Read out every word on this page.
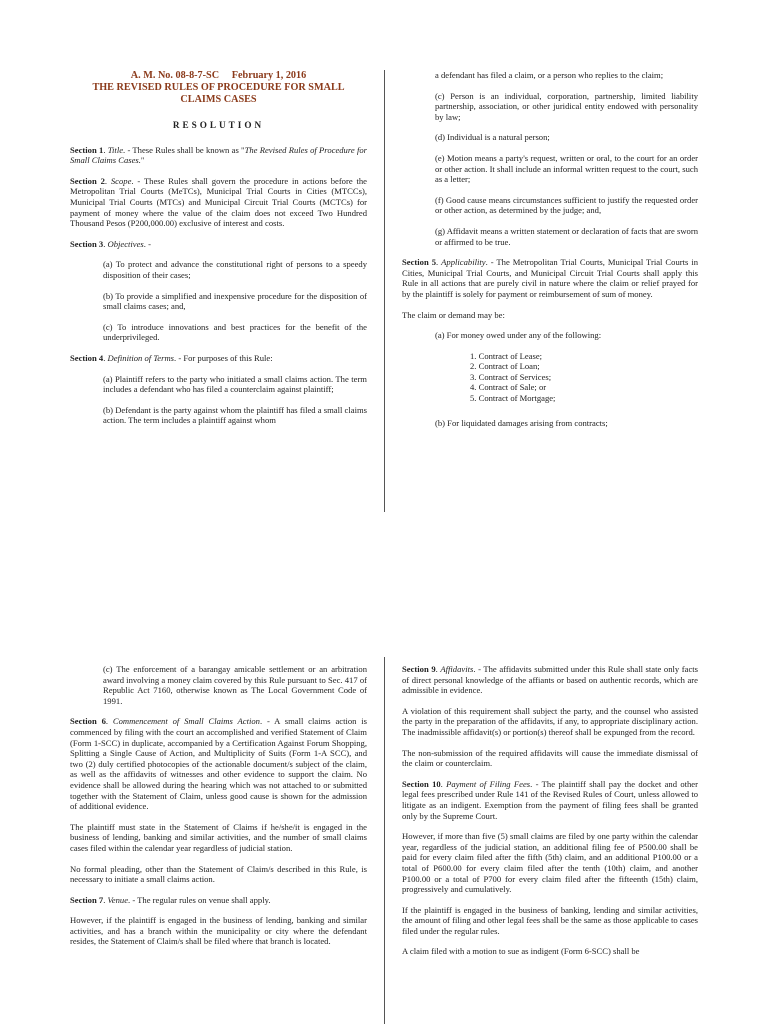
A. M. No. 08-8-7-SC     February 1, 2016
THE REVISED RULES OF PROCEDURE FOR SMALL CLAIMS CASES

RESOLUTION

Section 1. Title. - These Rules shall be known as "The Revised Rules of Procedure for Small Claims Cases."

Section 2. Scope. - These Rules shall govern the procedure in actions before the Metropolitan Trial Courts (MeTCs), Municipal Trial Courts in Cities (MTCCs), Municipal Trial Courts (MTCs) and Municipal Circuit Trial Courts (MCTCs) for payment of money where the value of the claim does not exceed Two Hundred Thousand Pesos (P200,000.00) exclusive of interest and costs.

Section 3. Objectives. -

(a) To protect and advance the constitutional right of persons to a speedy disposition of their cases;

(b) To provide a simplified and inexpensive procedure for the disposition of small claims cases; and,

(c) To introduce innovations and best practices for the benefit of the underprivileged.

Section 4. Definition of Terms. - For purposes of this Rule:

(a) Plaintiff refers to the party who initiated a small claims action. The term includes a defendant who has filed a counterclaim against plaintiff;

(b) Defendant is the party against whom the plaintiff has filed a small claims action. The term includes a plaintiff against whom

a defendant has filed a claim, or a person who replies to the claim;

(c) Person is an individual, corporation, partnership, limited liability partnership, association, or other juridical entity endowed with personality by law;

(d) Individual is a natural person;

(e) Motion means a party's request, written or oral, to the court for an order or other action. It shall include an informal written request to the court, such as a letter;

(f) Good cause means circumstances sufficient to justify the requested order or other action, as determined by the judge; and,

(g) Affidavit means a written statement or declaration of facts that are sworn or affirmed to be true.

Section 5. Applicability. - The Metropolitan Trial Courts, Municipal Trial Courts in Cities, Municipal Trial Courts, and Municipal Circuit Trial Courts shall apply this Rule in all actions that are purely civil in nature where the claim or relief prayed for by the plaintiff is solely for payment or reimbursement of sum of money.

The claim or demand may be:

(a) For money owed under any of the following:

1. Contract of Lease;
2. Contract of Loan;
3. Contract of Services;
4. Contract of Sale; or
5. Contract of Mortgage;

(b) For liquidated damages arising from contracts;

(c) The enforcement of a barangay amicable settlement or an arbitration award involving a money claim covered by this Rule pursuant to Sec. 417 of Republic Act 7160, otherwise known as The Local Government Code of 1991.

Section 6. Commencement of Small Claims Action. - A small claims action is commenced by filing with the court an accomplished and verified Statement of Claim (Form 1-SCC) in duplicate, accompanied by a Certification Against Forum Shopping, Splitting a Single Cause of Action, and Multiplicity of Suits (Form 1-A SCC), and two (2) duly certified photocopies of the actionable document/s subject of the claim, as well as the affidavits of witnesses and other evidence to support the claim. No evidence shall be allowed during the hearing which was not attached to or submitted together with the Statement of Claim, unless good cause is shown for the admission of additional evidence.

The plaintiff must state in the Statement of Claims if he/she/it is engaged in the business of lending, banking and similar activities, and the number of small claims cases filed within the calendar year regardless of judicial station.

No formal pleading, other than the Statement of Claim/s described in this Rule, is necessary to initiate a small claims action.

Section 7. Venue. - The regular rules on venue shall apply.

However, if the plaintiff is engaged in the business of lending, banking and similar activities, and has a branch within the municipality or city where the defendant resides, the Statement of Claim/s shall be filed where that branch is located.

Section 9. Affidavits. - The affidavits submitted under this Rule shall state only facts of direct personal knowledge of the affiants or based on authentic records, which are admissible in evidence.

A violation of this requirement shall subject the party, and the counsel who assisted the party in the preparation of the affidavits, if any, to appropriate disciplinary action. The inadmissible affidavit(s) or portion(s) thereof shall be expunged from the record.

The non-submission of the required affidavits will cause the immediate dismissal of the claim or counterclaim.

Section 10. Payment of Filing Fees. - The plaintiff shall pay the docket and other legal fees prescribed under Rule 141 of the Revised Rules of Court, unless allowed to litigate as an indigent. Exemption from the payment of filing fees shall be granted only by the Supreme Court.

However, if more than five (5) small claims are filed by one party within the calendar year, regardless of the judicial station, an additional filing fee of P500.00 shall be paid for every claim filed after the fifth (5th) claim, and an additional P100.00 or a total of P600.00 for every claim filed after the tenth (10th) claim, and another P100.00 or a total of P700 for every claim filed after the fifteenth (15th) claim, progressively and cumulatively.

If the plaintiff is engaged in the business of banking, lending and similar activities, the amount of filing and other legal fees shall be the same as those applicable to cases filed under the regular rules.

A claim filed with a motion to sue as indigent (Form 6-SCC) shall be
